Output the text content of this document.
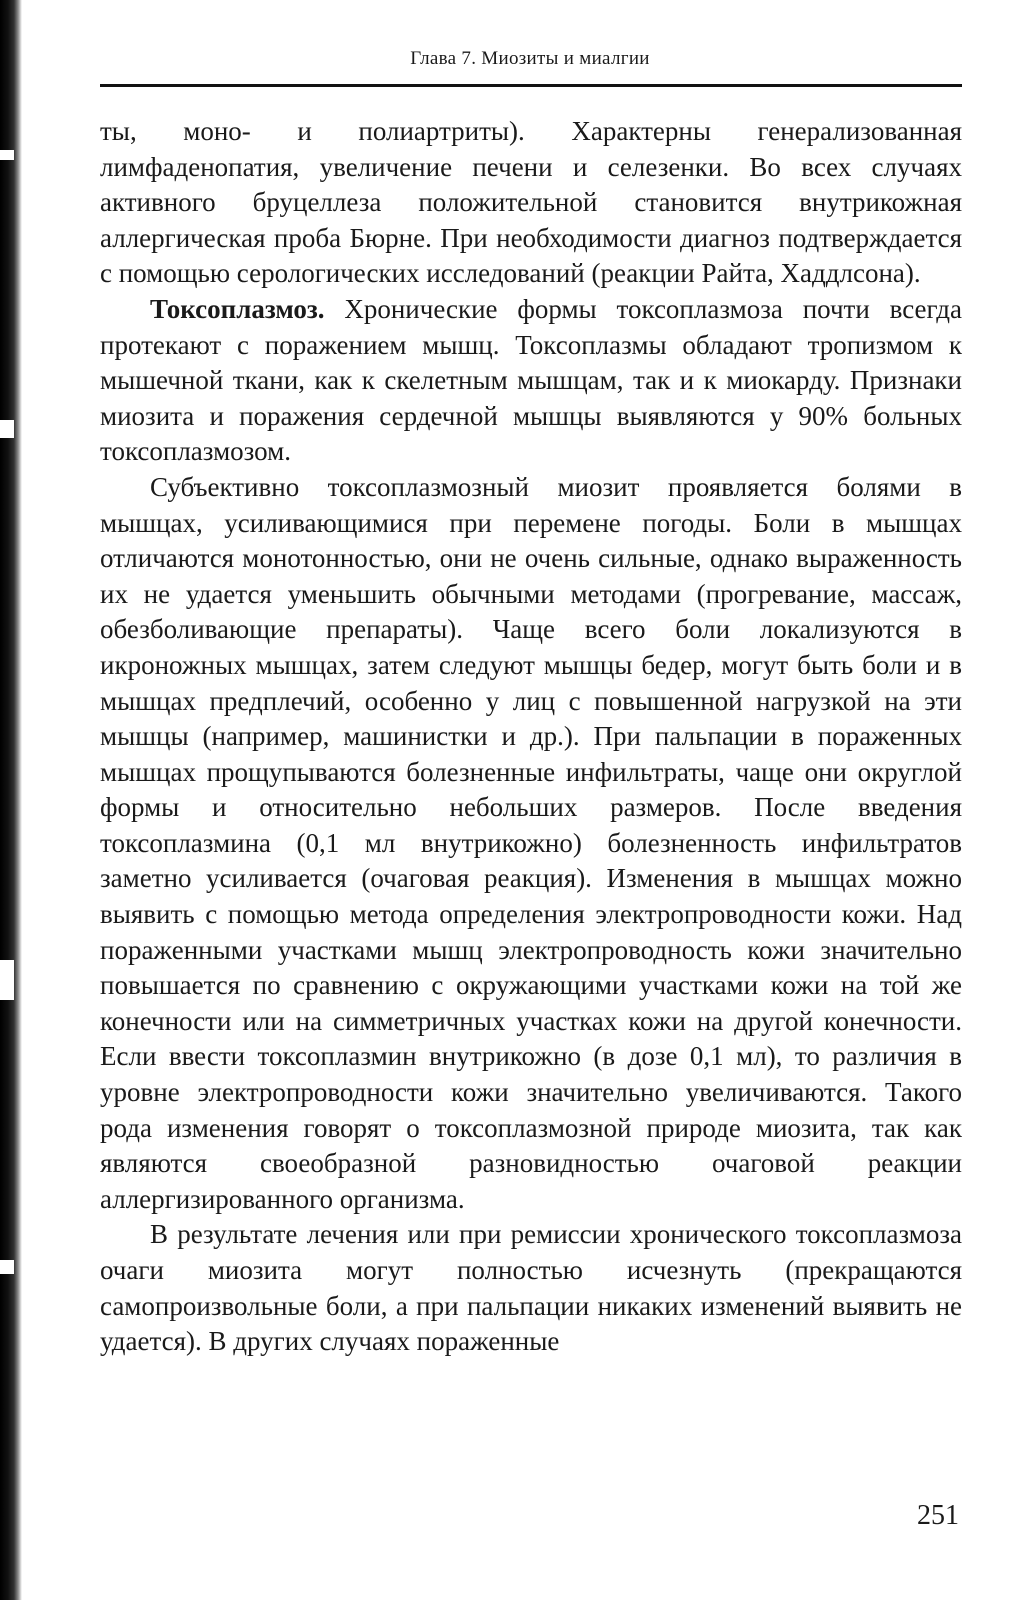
Глава 7. Миозиты и миалгии

ты, моно- и полиартриты). Характерны генерализованная лимфаденопатия, увеличение печени и селезенки. Во всех случаях активного бруцеллеза положительной становится внутрикожная аллергическая проба Бюрне. При необходимости диагноз подтверждается с помощью серологических исследований (реакции Райта, Хаддлсона).

Токсоплазмоз. Хронические формы токсоплазмоза почти всегда протекают с поражением мышц. Токсоплазмы обладают тропизмом к мышечной ткани, как к скелетным мышцам, так и к миокарду. Признаки миозита и поражения сердечной мышцы выявляются у 90% больных токсоплазмозом.

Субъективно токсоплазмозный миозит проявляется болями в мышцах, усиливающимися при перемене погоды. Боли в мышцах отличаются монотонностью, они не очень сильные, однако выраженность их не удается уменьшить обычными методами (прогревание, массаж, обезболивающие препараты). Чаще всего боли локализуются в икроножных мышцах, затем следуют мышцы бедер, могут быть боли и в мышцах предплечий, особенно у лиц с повышенной нагрузкой на эти мышцы (например, машинистки и др.). При пальпации в пораженных мышцах прощупываются болезненные инфильтраты, чаще они округлой формы и относительно небольших размеров. После введения токсоплазмина (0,1 мл внутрикожно) болезненность инфильтратов заметно усиливается (очаговая реакция). Изменения в мышцах можно выявить с помощью метода определения электропроводности кожи. Над пораженными участками мышц электропроводность кожи значительно повышается по сравнению с окружающими участками кожи на той же конечности или на симметричных участках кожи на другой конечности. Если ввести токсоплазмин внутрикожно (в дозе 0,1 мл), то различия в уровне электропроводности кожи значительно увеличиваются. Такого рода изменения говорят о токсоплазмозной природе миозита, так как являются своеобразной разновидностью очаговой реакции аллергизированного организма.

В результате лечения или при ремиссии хронического токсоплазмоза очаги миозита могут полностью исчезнуть (прекращаются самопроизвольные боли, а при пальпации никаких изменений выявить не удается). В других случаях пораженные

251
